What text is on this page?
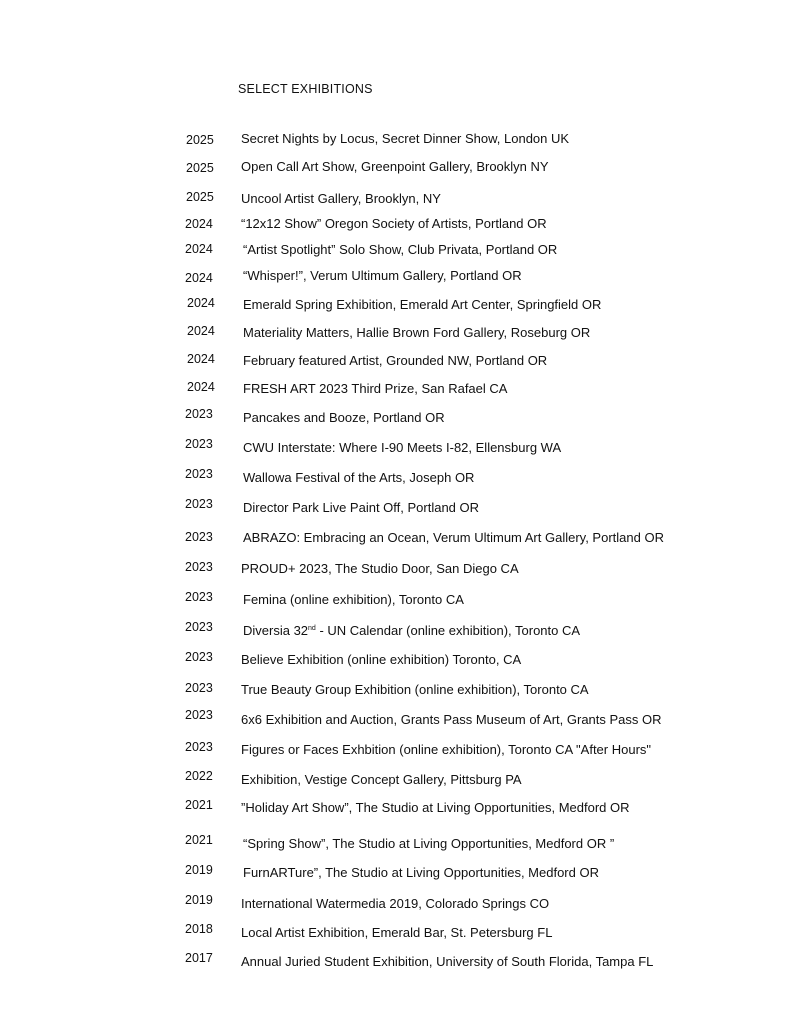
SELECT EXHIBITIONS
2025 Secret Nights by Locus, Secret Dinner Show, London UK
2025 Open Call Art Show, Greenpoint Gallery, Brooklyn NY
2025 Uncool Artist Gallery, Brooklyn, NY
2024 “12x12 Show” Oregon Society of Artists, Portland OR
2024 “Artist Spotlight” Solo Show, Club Privata, Portland OR
2024 “Whisper!”, Verum Ultimum Gallery, Portland OR
2024 Emerald Spring Exhibition, Emerald Art Center, Springfield OR
2024 Materiality Matters, Hallie Brown Ford Gallery, Roseburg OR
2024 February featured Artist, Grounded NW, Portland OR
2024 FRESH ART 2023 Third Prize, San Rafael CA
2023 Pancakes and Booze, Portland OR
2023 CWU Interstate: Where I-90 Meets I-82, Ellensburg WA
2023 Wallowa Festival of the Arts, Joseph OR
2023 Director Park Live Paint Off, Portland OR
2023 ABRAZO: Embracing an Ocean, Verum Ultimum Art Gallery, Portland OR
2023 PROUD+ 2023, The Studio Door, San Diego CA
2023 Femina (online exhibition), Toronto CA
2023 Diversia 32nd - UN Calendar (online exhibition), Toronto CA
2023 Believe Exhibition (online exhibition) Toronto, CA
2023 True Beauty Group Exhibition (online exhibition), Toronto CA
2023 6x6 Exhibition and Auction, Grants Pass Museum of Art, Grants Pass OR
2023 Figures or Faces Exhbition (online exhibition), Toronto CA "After Hours"
2022 Exhibition, Vestige Concept Gallery, Pittsburg PA
2021 ”Holiday Art Show”, The Studio at Living Opportunities, Medford OR
2021 “Spring Show”, The Studio at Living Opportunities, Medford OR ”
2019 FurnARTure”, The Studio at Living Opportunities, Medford OR
2019 International Watermedia 2019, Colorado Springs CO
2018 Local Artist Exhibition, Emerald Bar, St. Petersburg FL
2017 Annual Juried Student Exhibition, University of South Florida, Tampa FL
